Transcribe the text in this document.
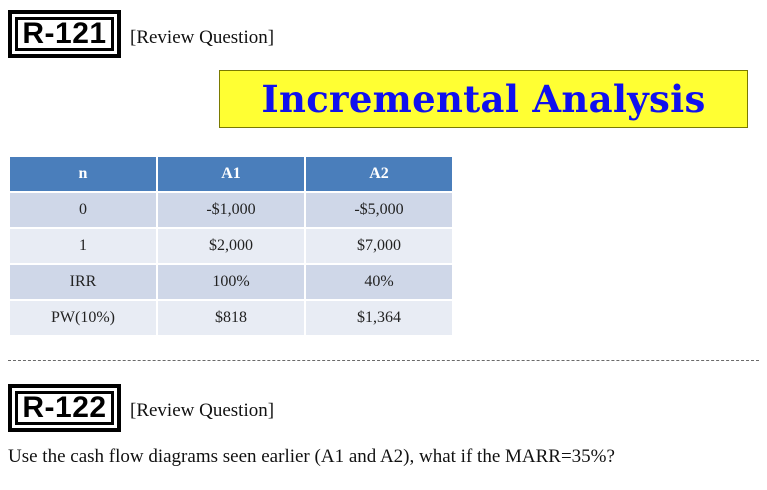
R-121	[Review Question]
Incremental Analysis
n	A1	A2
0	-$1,000	-$5,000
1	$2,000	$7,000
IRR	100%	40%
PW(10%)	$818	$1,364
R-122	[Review Question]
Use the cash flow diagrams seen earlier (A1 and A2), what if the MARR=35%?
